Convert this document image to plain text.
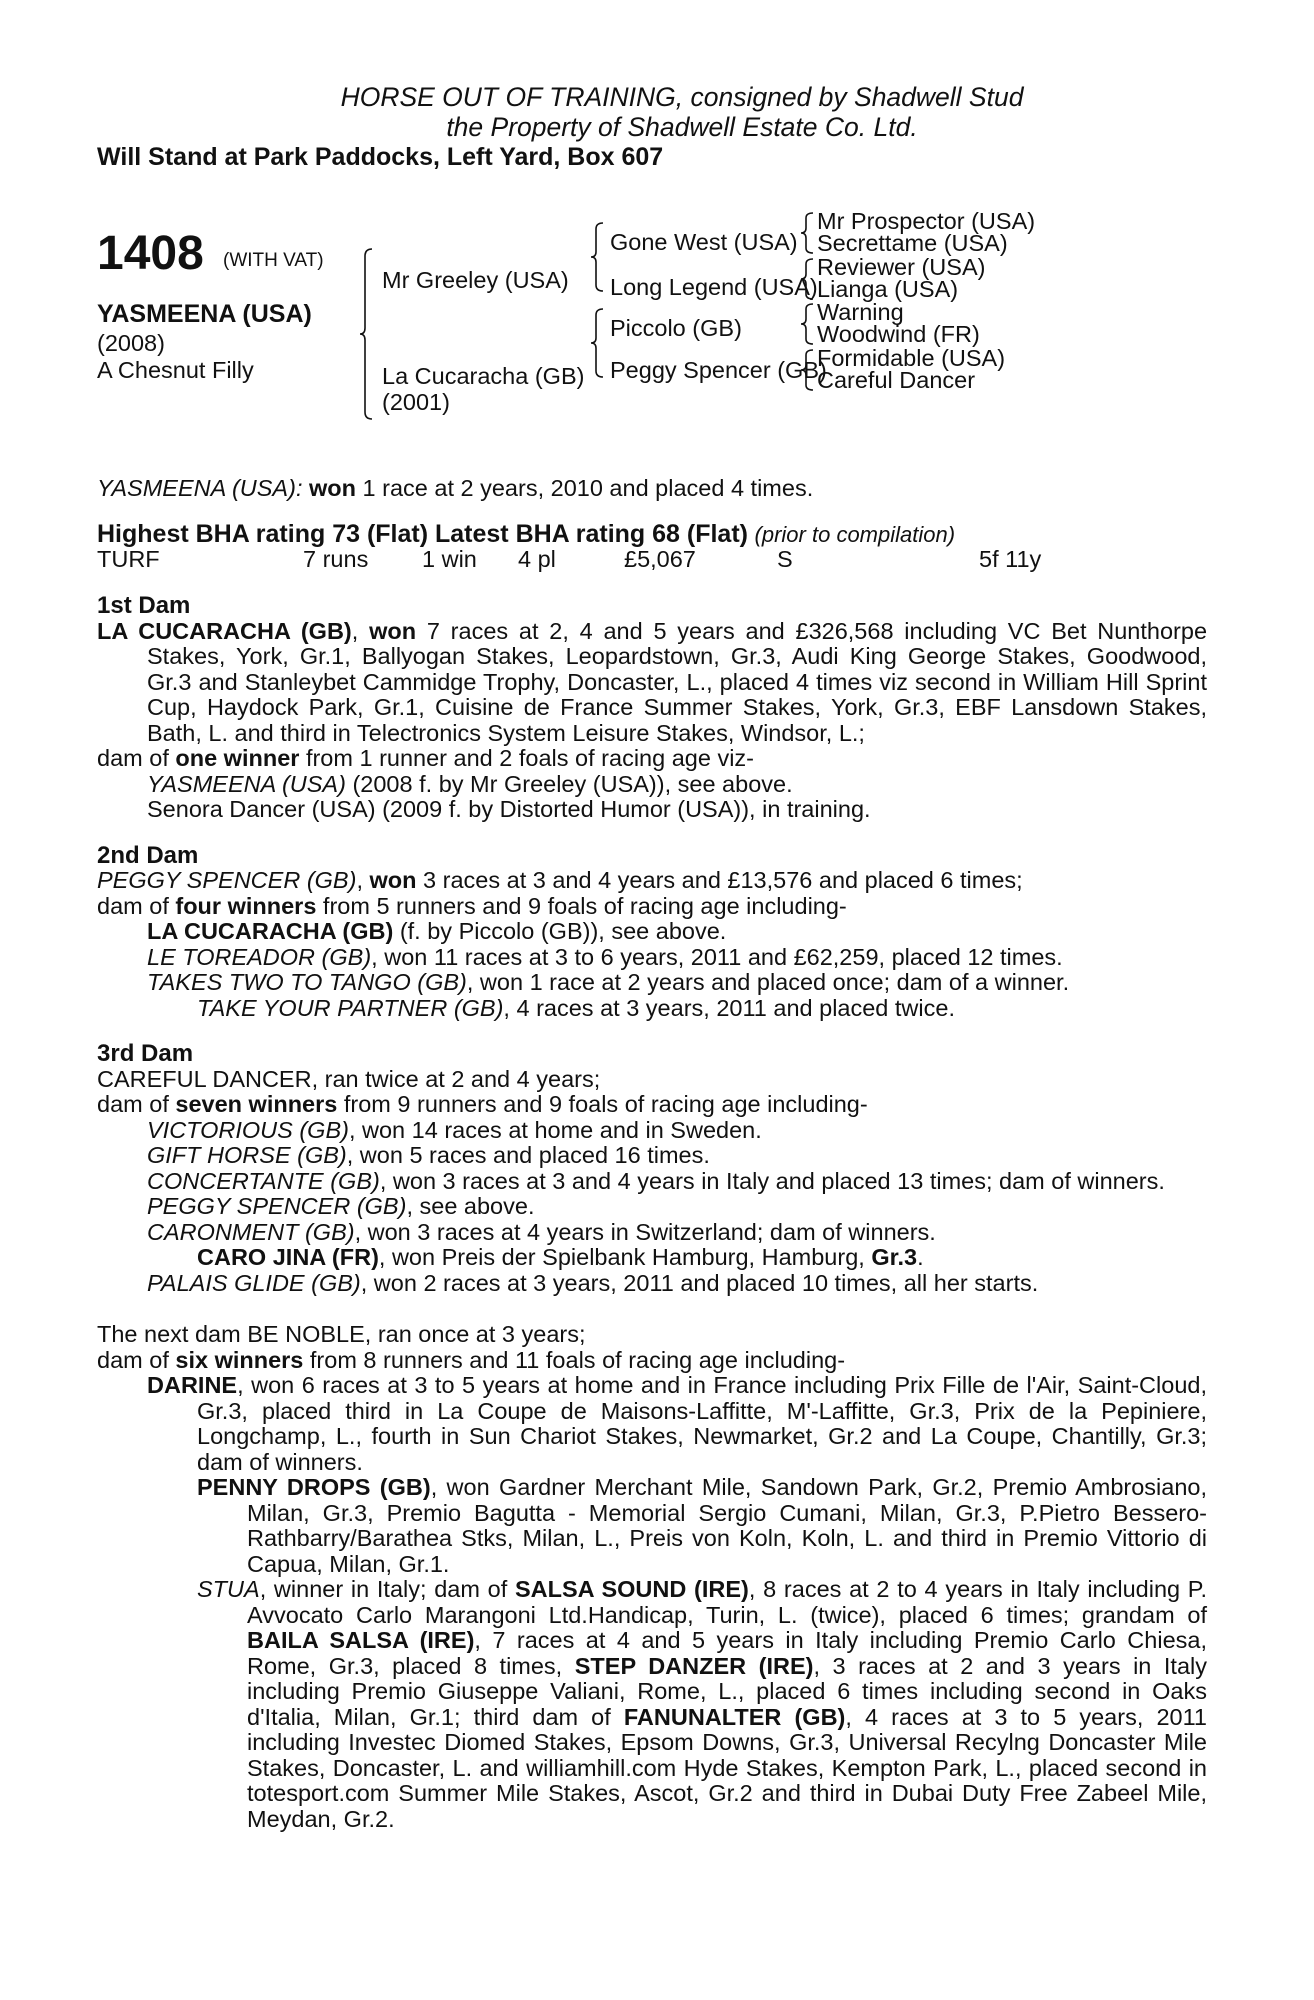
HORSE OUT OF TRAINING, consigned by Shadwell Stud
the Property of Shadwell Estate Co. Ltd.
Will Stand at Park Paddocks, Left Yard, Box 607
1408 (WITH VAT)
YASMEENA (USA)
(2008)
A Chesnut Filly
Mr Greeley (USA)
La Cucaracha (GB)
(2001)
Gone West (USA)
Long Legend (USA)
Piccolo (GB)
Peggy Spencer (GB)
Mr Prospector (USA)
Secrettame (USA)
Reviewer (USA)
Lianga (USA)
Warning
Woodwind (FR)
Formidable (USA)
Careful Dancer
YASMEENA (USA): won 1 race at 2 years, 2010 and placed 4 times.
Highest BHA rating 73 (Flat) Latest BHA rating 68 (Flat) (prior to compilation)
TURF	7 runs 1 win 4 pl	£5,067	S	5f 11y
1st Dam
LA CUCARACHA (GB), won 7 races at 2, 4 and 5 years and £326,568 including VC Bet Nunthorpe Stakes, York, Gr.1, Ballyogan Stakes, Leopardstown, Gr.3, Audi King George Stakes, Goodwood, Gr.3 and Stanleybet Cammidge Trophy, Doncaster, L., placed 4 times viz second in William Hill Sprint Cup, Haydock Park, Gr.1, Cuisine de France Summer Stakes, York, Gr.3, EBF Lansdown Stakes, Bath, L. and third in Telectronics System Leisure Stakes, Windsor, L.;
dam of one winner from 1 runner and 2 foals of racing age viz-
YASMEENA (USA) (2008 f. by Mr Greeley (USA)), see above.
Senora Dancer (USA) (2009 f. by Distorted Humor (USA)), in training.
2nd Dam
PEGGY SPENCER (GB), won 3 races at 3 and 4 years and £13,576 and placed 6 times;
dam of four winners from 5 runners and 9 foals of racing age including-
LA CUCARACHA (GB) (f. by Piccolo (GB)), see above.
LE TOREADOR (GB), won 11 races at 3 to 6 years, 2011 and £62,259, placed 12 times.
TAKES TWO TO TANGO (GB), won 1 race at 2 years and placed once; dam of a winner.
TAKE YOUR PARTNER (GB), 4 races at 3 years, 2011 and placed twice.
3rd Dam
CAREFUL DANCER, ran twice at 2 and 4 years;
dam of seven winners from 9 runners and 9 foals of racing age including-
VICTORIOUS (GB), won 14 races at home and in Sweden.
GIFT HORSE (GB), won 5 races and placed 16 times.
CONCERTANTE (GB), won 3 races at 3 and 4 years in Italy and placed 13 times; dam of winners.
PEGGY SPENCER (GB), see above.
CARONMENT (GB), won 3 races at 4 years in Switzerland; dam of winners.
CARO JINA (FR), won Preis der Spielbank Hamburg, Hamburg, Gr.3.
PALAIS GLIDE (GB), won 2 races at 3 years, 2011 and placed 10 times, all her starts.
The next dam BE NOBLE, ran once at 3 years;
dam of six winners from 8 runners and 11 foals of racing age including-
DARINE, won 6 races at 3 to 5 years at home and in France including Prix Fille de l'Air, Saint-Cloud, Gr.3, placed third in La Coupe de Maisons-Laffitte, M'-Laffitte, Gr.3, Prix de la Pepiniere, Longchamp, L., fourth in Sun Chariot Stakes, Newmarket, Gr.2 and La Coupe, Chantilly, Gr.3; dam of winners.
PENNY DROPS (GB), won Gardner Merchant Mile, Sandown Park, Gr.2, Premio Ambrosiano, Milan, Gr.3, Premio Bagutta - Memorial Sergio Cumani, Milan, Gr.3, P.Pietro Bessero-Rathbarry/Barathea Stks, Milan, L., Preis von Koln, Koln, L. and third in Premio Vittorio di Capua, Milan, Gr.1.
STUA, winner in Italy; dam of SALSA SOUND (IRE), 8 races at 2 to 4 years in Italy including P. Avvocato Carlo Marangoni Ltd.Handicap, Turin, L. (twice), placed 6 times; grandam of BAILA SALSA (IRE), 7 races at 4 and 5 years in Italy including Premio Carlo Chiesa, Rome, Gr.3, placed 8 times, STEP DANZER (IRE), 3 races at 2 and 3 years in Italy including Premio Giuseppe Valiani, Rome, L., placed 6 times including second in Oaks d'Italia, Milan, Gr.1; third dam of FANUNALTER (GB), 4 races at 3 to 5 years, 2011 including Investec Diomed Stakes, Epsom Downs, Gr.3, Universal Recylng Doncaster Mile Stakes, Doncaster, L. and williamhill.com Hyde Stakes, Kempton Park, L., placed second in totesport.com Summer Mile Stakes, Ascot, Gr.2 and third in Dubai Duty Free Zabeel Mile, Meydan, Gr.2.
